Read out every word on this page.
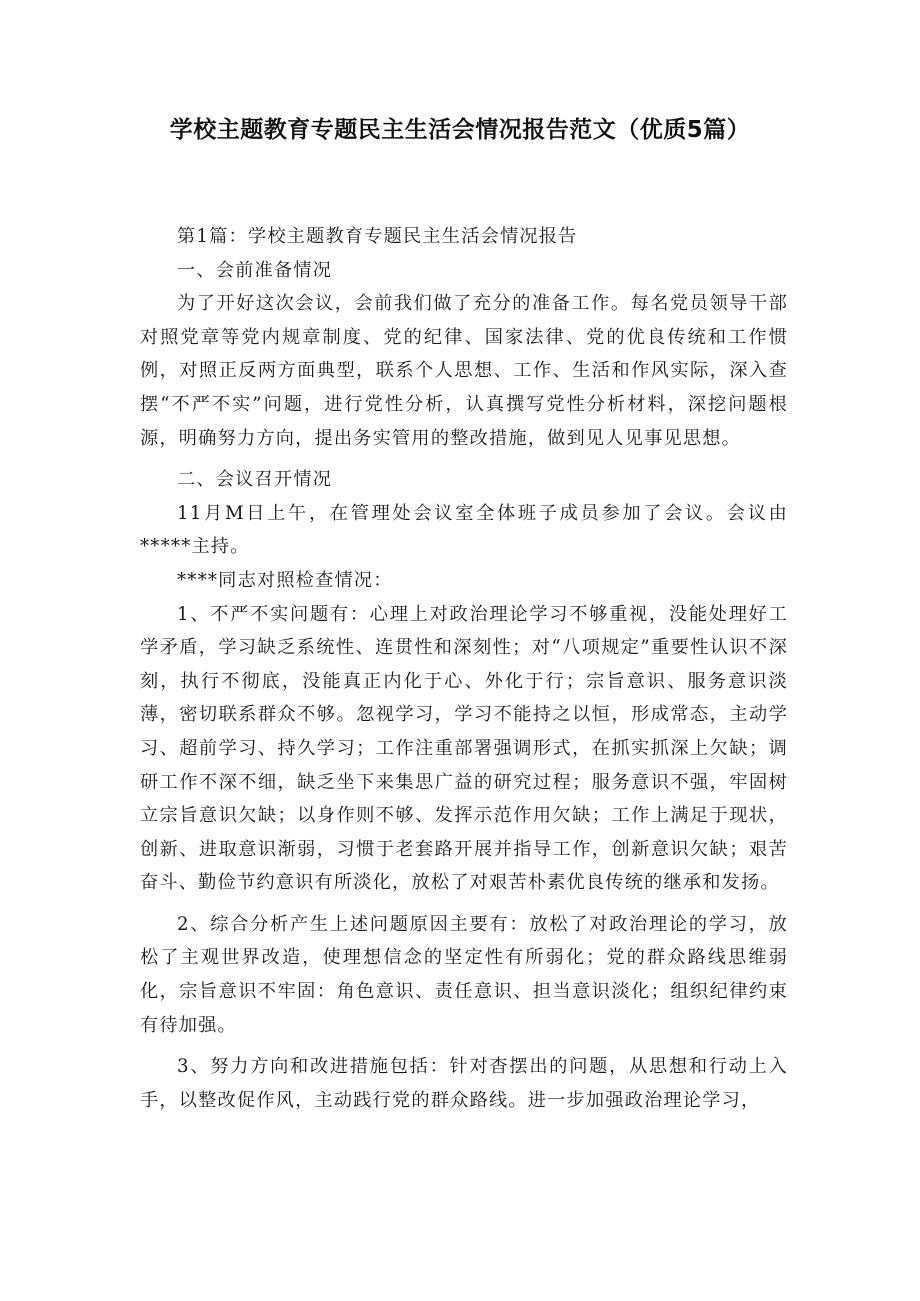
学校主题教育专题民主生活会情况报告范文（优质5篇）

第1篇：学校主题教育专题民主生活会情况报告

一、会前准备情况

为了开好这次会议，会前我们做了充分的准备工作。每名党员领导干部对照党章等党内规章制度、党的纪律、国家法律、党的优良传统和工作惯例，对照正反两方面典型，联系个人思想、工作、生活和作风实际，深入查摆“不严不实”问题，进行党性分析，认真撰写党性分析材料，深挖问题根源，明确努力方向，提出务实管用的整改措施，做到见人见事见思想。

二、会议召开情况

11月M日上午，在管理处会议室全体班子成员参加了会议。会议由*****主持。

****同志对照检查情况：

1、不严不实问题有：心理上对政治理论学习不够重视，没能处理好工学矛盾，学习缺乏系统性、连贯性和深刻性；对“八项规定”重要性认识不深刻，执行不彻底，没能真正内化于心、外化于行；宗旨意识、服务意识淡薄，密切联系群众不够。忽视学习，学习不能持之以恒，形成常态，主动学习、超前学习、持久学习；工作注重部署强调形式，在抓实抓深上欠缺；调研工作不深不细，缺乏坐下来集思广益的研究过程；服务意识不强，牢固树立宗旨意识欠缺；以身作则不够、发挥示范作用欠缺；工作上满足于现状，创新、进取意识渐弱，习惯于老套路开展并指导工作，创新意识欠缺；艰苦奋斗、勤俭节约意识有所淡化，放松了对艰苦朴素优良传统的继承和发扬。

2、综合分析产生上述问题原因主要有：放松了对政治理论的学习，放松了主观世界改造，使理想信念的坚定性有所弱化；党的群众路线思维弱化，宗旨意识不牢固：角色意识、责任意识、担当意识淡化；组织纪律约束有待加强。

3、努力方向和改进措施包括：针对杳摆出的问题，从思想和行动上入手，以整改促作风，主动践行党的群众路线。进一步加强政治理论学习，
